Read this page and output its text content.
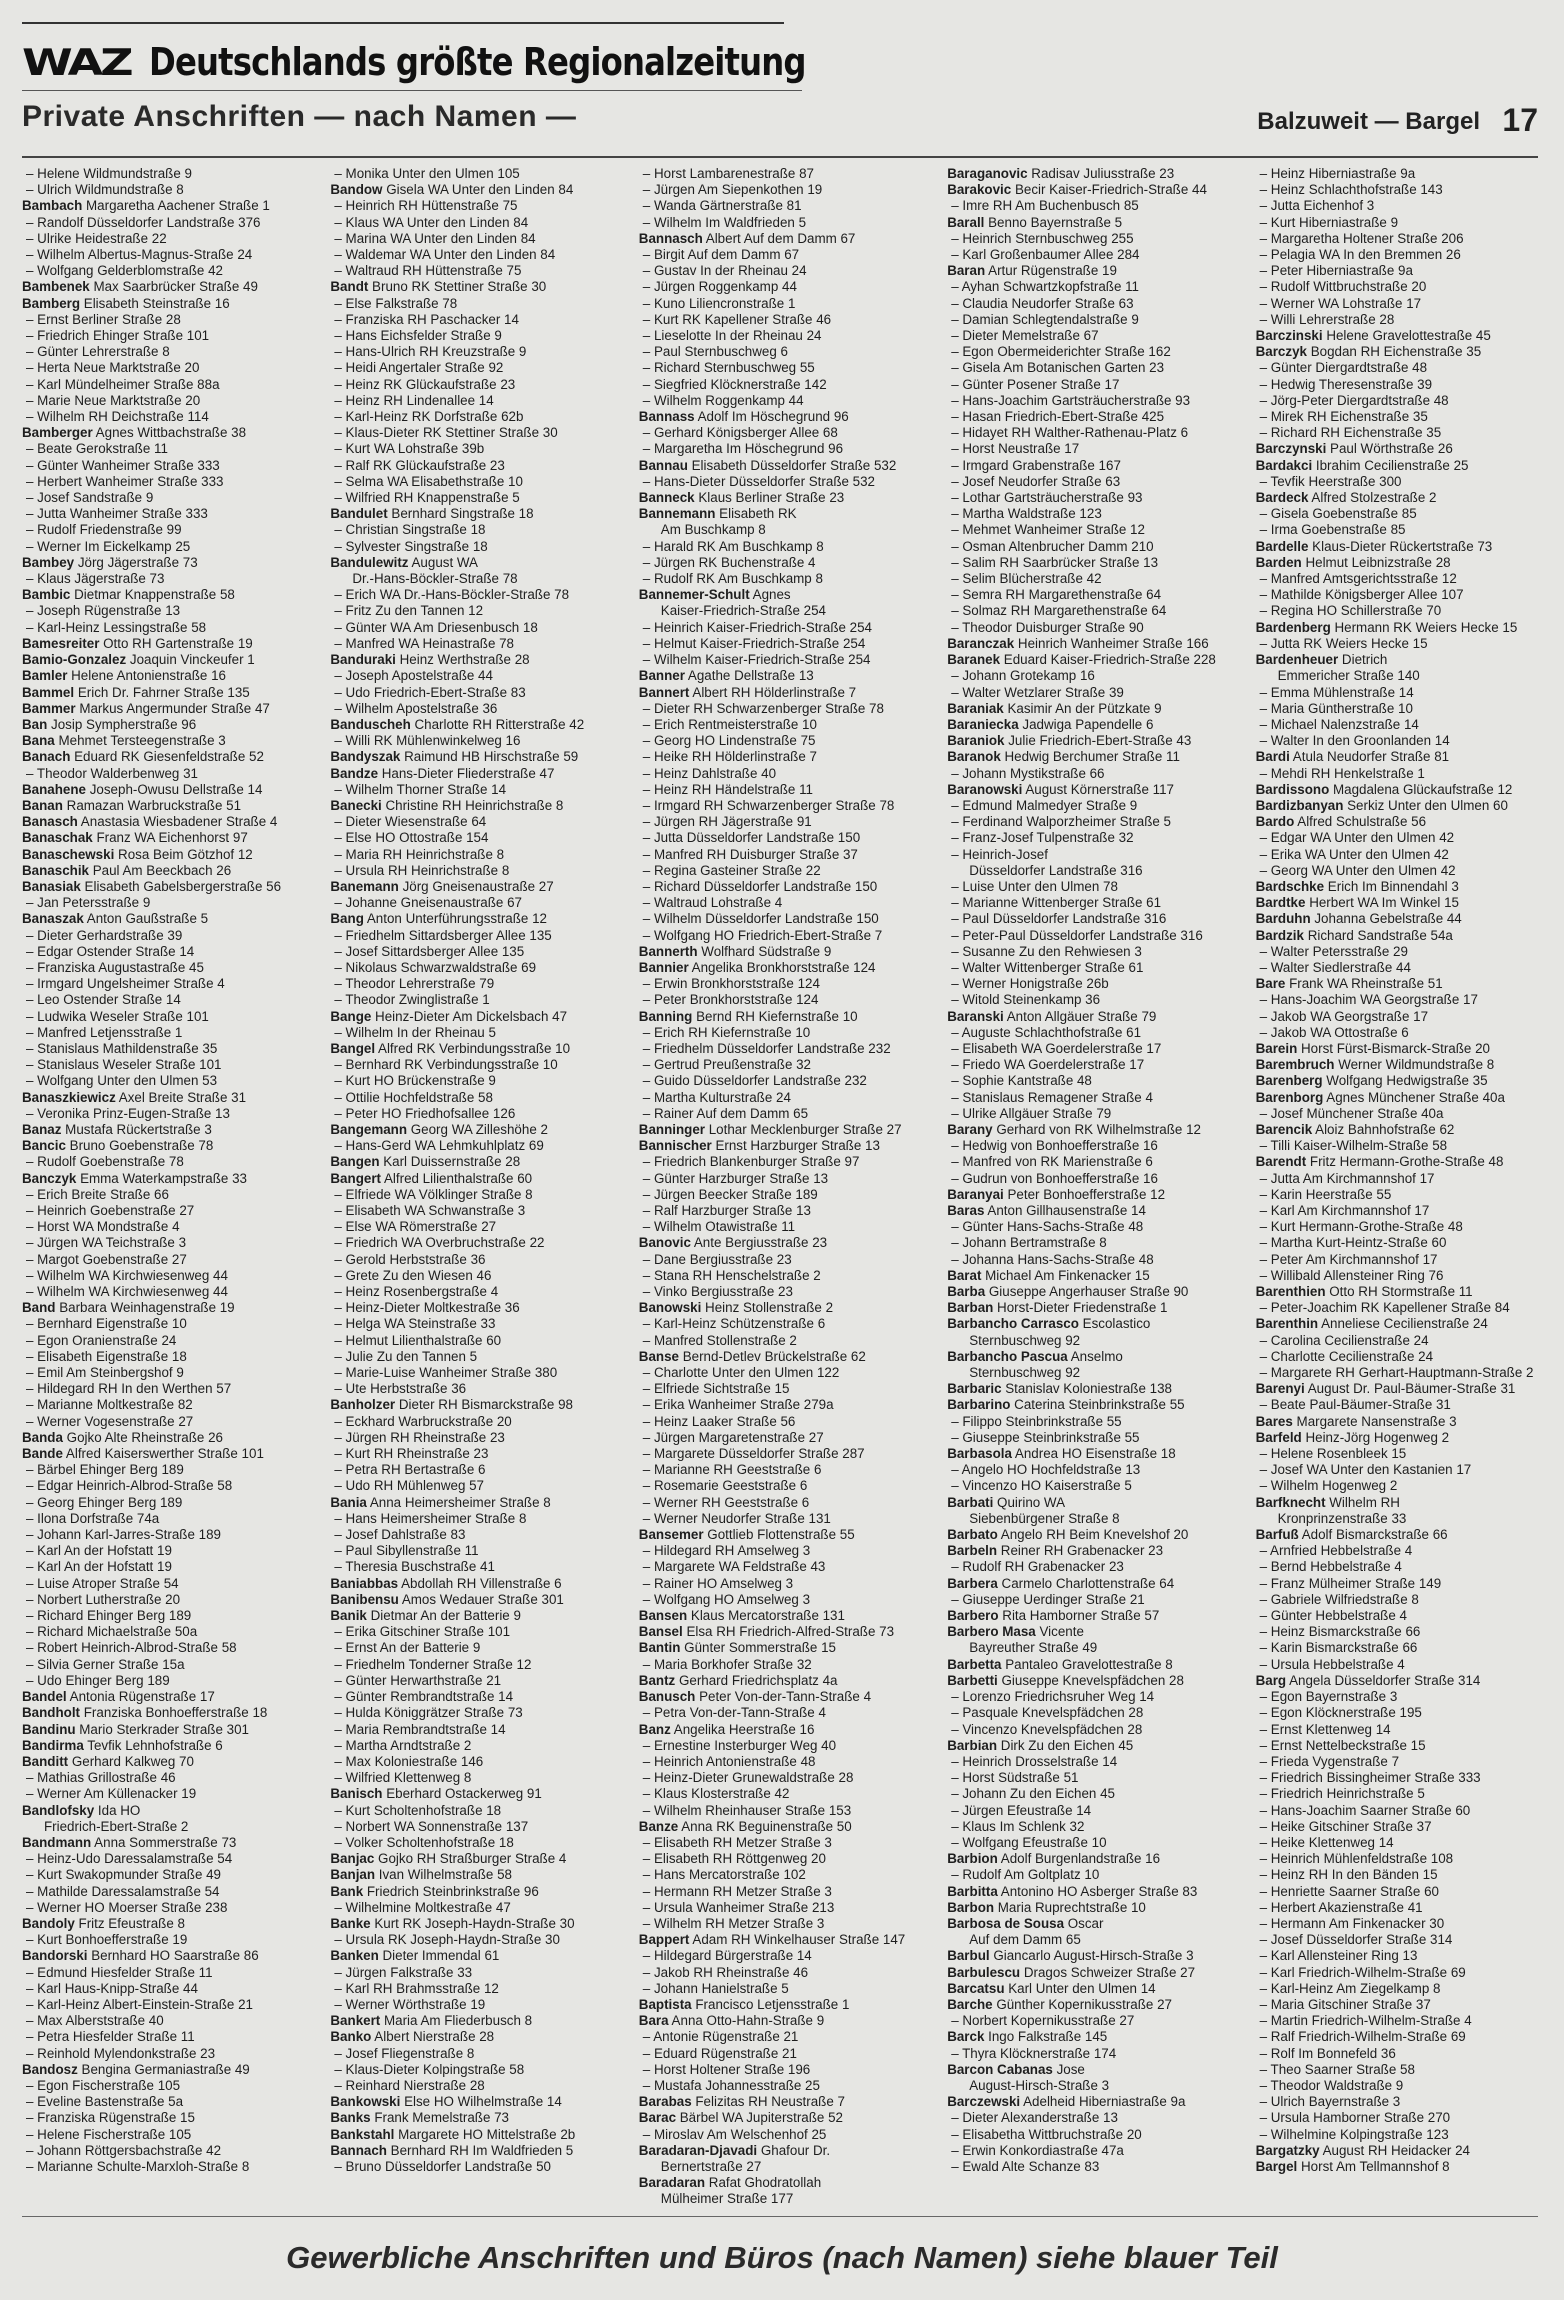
WAZ Deutschlands größte Regionalzeitung
Private Anschriften — nach Namen —	Balzuweit — Bargel 17
– Helene Wildmundstraße 9
– Ulrich Wildmundstraße 8
Bambach Margaretha Aachener Straße 1
– Randolf Düsseldorfer Landstraße 376
– Ulrike Heidestraße 22
– Wilhelm Albertus-Magnus-Straße 24
– Wolfgang Gelderblomstraße 42
Bambenek Max Saarbrücker Straße 49
Bamberg Elisabeth Steinstraße 16
– Ernst Berliner Straße 28
– Friedrich Ehinger Straße 101
– Günter Lehrerstraße 8
– Herta Neue Marktstraße 20
– Karl Mündelheimer Straße 88a
– Marie Neue Marktstraße 20
– Wilhelm RH Deichstraße 114
Bamberger Agnes Wittbachstraße 38
– Beate Gerokstraße 11
– Günter Wanheimer Straße 333
– Herbert Wanheimer Straße 333
– Josef Sandstraße 9
– Jutta Wanheimer Straße 333
– Rudolf Friedenstraße 99
– Werner Im Eickelkamp 25
Bambey Jörg Jägerstraße 73
– Klaus Jägerstraße 73
Bambic Dietmar Knappenstraße 58
– Joseph Rügenstraße 13
– Karl-Heinz Lessingstraße 58
Bamesreiter Otto RH Gartenstraße 19
Bamio-Gonzalez Joaquin Vinckeufer 1
Bamler Helene Antonienstraße 16
Bammel Erich Dr. Fahrner Straße 135
Bammer Markus Angermunder Straße 47
Ban Josip Sympherstraße 96
Bana Mehmet Tersteegenstraße 3
Banach Eduard RK Giesenfeldstraße 52
– Theodor Walderbenweg 31
Banahene Joseph-Owusu Dellstraße 14
Banan Ramazan Warbruckstraße 51
Banasch Anastasia Wiesbadener Straße 4
Banaschak Franz WA Eichenhorst 97
Banaschewski Rosa Beim Götzhof 12
Banaschik Paul Am Beeckbach 26
Banasiak Elisabeth Gabelsbergerstraße 56
– Jan Petersstraße 9
Banaszak Anton Gaußstraße 5
– Dieter Gerhardstraße 39
– Edgar Ostender Straße 14
– Franziska Augustastraße 45
– Irmgard Ungelsheimer Straße 4
– Leo Ostender Straße 14
– Ludwika Weseler Straße 101
– Manfred Letjensstraße 1
– Stanislaus Mathildenstraße 35
– Stanislaus Weseler Straße 101
– Wolfgang Unter den Ulmen 53
Banaszkiewicz Axel Breite Straße 31
– Veronika Prinz-Eugen-Straße 13
Banaz Mustafa Rückertstraße 3
Bancic Bruno Goebenstraße 78
– Rudolf Goebenstraße 78
Banczyk Emma Waterkampstraße 33
– Erich Breite Straße 66
– Heinrich Goebenstraße 27
– Horst WA Mondstraße 4
– Jürgen WA Teichstraße 3
– Margot Goebenstraße 27
– Wilhelm WA Kirchwiesenweg 44
– Wilhelm WA Kirchwiesenweg 44
Band Barbara Weinhagenstraße 19
– Bernhard Eigenstraße 10
– Egon Oranienstraße 24
– Elisabeth Eigenstraße 18
– Emil Am Steinbergshof 9
– Hildegard RH In den Werthen 57
– Marianne Moltkestraße 82
– Werner Vogesenstraße 27
Banda Gojko Alte Rheinstraße 26
Bande Alfred Kaiserswerther Straße 101
– Bärbel Ehinger Berg 189
– Edgar Heinrich-Albrod-Straße 58
– Georg Ehinger Berg 189
– Ilona Dorfstraße 74a
– Johann Karl-Jarres-Straße 189
– Karl An der Hofstatt 19
– Karl An der Hofstatt 19
– Luise Atroper Straße 54
– Norbert Lutherstraße 20
– Richard Ehinger Berg 189
– Richard Michaelstraße 50a
– Robert Heinrich-Albrod-Straße 58
– Silvia Gerner Straße 15a
– Udo Ehinger Berg 189
Bandel Antonia Rügenstraße 17
Bandholt Franziska Bonhoefferstraße 18
Bandinu Mario Sterkrader Straße 301
Bandirma Tevfik Lehnhofstraße 6
Banditt Gerhard Kalkweg 70
– Mathias Grillostraße 46
– Werner Am Küllenacker 19
Bandlofsky Ida HO
Friedrich-Ebert-Straße 2
Bandmann Anna Sommerstraße 73
– Heinz-Udo Daressalamstraße 54
– Kurt Swakopmunder Straße 49
– Mathilde Daressalamstraße 54
– Werner HO Moerser Straße 238
Bandoly Fritz Efeustraße 8
– Kurt Bonhoefferstraße 19
Bandorski Bernhard HO Saarstraße 86
– Edmund Hiesfelder Straße 11
– Karl Haus-Knipp-Straße 44
– Karl-Heinz Albert-Einstein-Straße 21
– Max Alberststraße 40
– Petra Hiesfelder Straße 11
– Reinhold Mylendonkstraße 23
Bandosz Bengina Germaniastraße 49
– Egon Fischerstraße 105
– Eveline Bastenstraße 5a
– Franziska Rügenstraße 15
– Helene Fischerstraße 105
– Johann Röttgersbachstraße 42
– Marianne Schulte-Marxloh-Straße 8
– Monika Unter den Ulmen 105
Bandow Gisela WA Unter den Linden 84
– Heinrich RH Hüttenstraße 75
– Klaus WA Unter den Linden 84
– Marina WA Unter den Linden 84
– Waldemar WA Unter den Linden 84
– Waltraud RH Hüttenstraße 75
Bandt Bruno RK Stettiner Straße 30
– Else Falkstraße 78
– Franziska RH Paschacker 14
– Hans Eichsfelder Straße 9
– Hans-Ulrich RH Kreuzstraße 9
– Heidi Angertaler Straße 92
– Heinz RK Glückaufstraße 23
– Heinz RH Lindenallee 14
– Karl-Heinz RK Dorfstraße 62b
– Klaus-Dieter RK Stettiner Straße 30
– Kurt WA Lohstraße 39b
– Ralf RK Glückaufstraße 23
– Selma WA Elisabethstraße 10
– Wilfried RH Knappenstraße 5
Bandulet Bernhard Singstraße 18
– Christian Singstraße 18
– Sylvester Singstraße 18
Bandulewitz August WA
Dr.-Hans-Böckler-Straße 78
– Erich WA Dr.-Hans-Böckler-Straße 78
– Fritz Zu den Tannen 12
– Günter WA Am Driesenbusch 18
– Manfred WA Heinastraße 78
Banduraki Heinz Werthstraße 28
– Joseph Apostelstraße 44
– Udo Friedrich-Ebert-Straße 83
– Wilhelm Apostelstraße 36
Banduscheh Charlotte RH Ritterstraße 42
– Willi RK Mühlenwinkelweg 16
Bandyszak Raimund HB Hirschstraße 59
Bandze Hans-Dieter Fliederstraße 47
– Wilhelm Thorner Straße 14
Banecki Christine RH Heinrichstraße 8
– Dieter Wiesenstraße 64
– Else HO Ottostraße 154
– Maria RH Heinrichstraße 8
– Ursula RH Heinrichstraße 8
Banemann Jörg Gneisenaustraße 27
– Johanne Gneisenaustraße 67
Bang Anton Unterführungsstraße 12
– Friedhelm Sittardsberger Allee 135
– Josef Sittardsberger Allee 135
– Nikolaus Schwarzwaldstraße 69
– Theodor Lehrerstraße 79
– Theodor Zwinglistraße 1
Bange Heinz-Dieter Am Dickelsbach 47
– Wilhelm In der Rheinau 5
Bangel Alfred RK Verbindungsstraße 10
– Bernhard RK Verbindungsstraße 10
– Kurt HO Brückenstraße 9
– Ottilie Hochfeldstraße 58
– Peter HO Friedhofsallee 126
Bangemann Georg WA Zilleshöhe 2
– Hans-Gerd WA Lehmkuhlplatz 69
Bangen Karl Duissernstraße 28
Bangert Alfred Lilienthalstraße 60
– Elfriede WA Völklinger Straße 8
– Elisabeth WA Schwanstraße 3
– Else WA Römerstraße 27
– Friedrich WA Overbruchstraße 22
– Gerold Herbststraße 36
– Grete Zu den Wiesen 46
– Heinz Rosenbergstraße 4
– Heinz-Dieter Moltkestraße 36
– Helga WA Steinstraße 33
– Helmut Lilienthalstraße 60
– Julie Zu den Tannen 5
– Marie-Luise Wanheimer Straße 380
– Ute Herbststraße 36
Banholzer Dieter RH Bismarckstraße 98
– Eckhard Warbruckstraße 20
– Jürgen RH Rheinstraße 23
– Kurt RH Rheinstraße 23
– Petra RH Bertastraße 6
– Udo RH Mühlenweg 57
Bania Anna Heimersheimer Straße 8
– Hans Heimersheimer Straße 8
– Josef Dahlstraße 83
– Paul Sibyllenstraße 11
– Theresia Buschstraße 41
Baniabbas Abdollah RH Villenstraße 6
Banibensu Amos Wedauer Straße 301
Banik Dietmar An der Batterie 9
– Erika Gitschiner Straße 101
– Ernst An der Batterie 9
– Friedhelm Tonderner Straße 12
– Günter Herwarthstraße 21
– Günter Rembrandtstraße 14
– Hulda Königgrätzer Straße 73
– Maria Rembrandtstraße 14
– Martha Arndtstraße 2
– Max Koloniestraße 146
– Wilfried Klettenweg 8
Banisch Eberhard Ostackerweg 91
– Kurt Scholtenhofstraße 18
– Norbert WA Sonnenstraße 137
– Volker Scholtenhofstraße 18
Banjac Gojko RH Straßburger Straße 4
Banjan Ivan Wilhelmstraße 58
Bank Friedrich Steinbrinkstraße 96
– Wilhelmine Moltkestraße 47
Banke Kurt RK Joseph-Haydn-Straße 30
– Ursula RK Joseph-Haydn-Straße 30
Banken Dieter Immendal 61
– Jürgen Falkstraße 33
– Karl RH Brahmsstraße 12
– Werner Wörthstraße 19
Bankert Maria Am Fliederbusch 8
Banko Albert Nierstraße 28
– Josef Fliegenstraße 8
– Klaus-Dieter Kolpingstraße 58
– Reinhard Nierstraße 28
Bankowski Else HO Wilhelmstraße 14
Banks Frank Memelstraße 73
Bankstahl Margarete HO Mittelstraße 2b
Bannach Bernhard RH Im Waldfrieden 5
– Bruno Düsseldorfer Landstraße 50
– Horst Lambarenestraße 87
– Jürgen Am Siepenkothen 19
– Wanda Gärtnerstraße 81
– Wilhelm Im Waldfrieden 5
Bannasch Albert Auf dem Damm 67
– Birgit Auf dem Damm 67
– Gustav In der Rheinau 24
– Jürgen Roggenkamp 44
– Kuno Liliencronstraße 1
– Kurt RK Kapellener Straße 46
– Lieselotte In der Rheinau 24
– Paul Sternbuschweg 6
– Richard Sternbuschweg 55
– Siegfried Klöcknerstraße 142
– Wilhelm Roggenkamp 44
Bannass Adolf Im Höschegrund 96
– Gerhard Königsberger Allee 68
– Margaretha Im Höschegrund 96
Bannau Elisabeth Düsseldorfer Straße 532
– Hans-Dieter Düsseldorfer Straße 532
Banneck Klaus Berliner Straße 23
Bannemann Elisabeth RK
Am Buschkamp 8
– Harald RK Am Buschkamp 8
– Jürgen RK Buchenstraße 4
– Rudolf RK Am Buschkamp 8
Bannemer-Schult Agnes
Kaiser-Friedrich-Straße 254
– Heinrich Kaiser-Friedrich-Straße 254
– Helmut Kaiser-Friedrich-Straße 254
– Wilhelm Kaiser-Friedrich-Straße 254
Banner Agathe Dellstraße 13
Bannert Albert RH Hölderlinstraße 7
– Dieter RH Schwarzenberger Straße 78
– Erich Rentmeisterstraße 10
– Georg HO Lindenstraße 75
– Heike RH Hölderlinstraße 7
– Heinz Dahlstraße 40
– Heinz RH Händelstraße 11
– Irmgard RH Schwarzenberger Straße 78
– Jürgen RH Jägerstraße 91
– Jutta Düsseldorfer Landstraße 150
– Manfred RH Duisburger Straße 37
– Regina Gasteiner Straße 22
– Richard Düsseldorfer Landstraße 150
– Waltraud Lohstraße 4
– Wilhelm Düsseldorfer Landstraße 150
– Wolfgang HO Friedrich-Ebert-Straße 7
Bannerth Wolfhard Südstraße 9
Bannier Angelika Bronkhorststraße 124
– Erwin Bronkhorststraße 124
– Peter Bronkhorststraße 124
Banning Bernd RH Kiefernstraße 10
– Erich RH Kiefernstraße 10
– Friedhelm Düsseldorfer Landstraße 232
– Gertrud Preußenstraße 32
– Guido Düsseldorfer Landstraße 232
– Martha Kulturstraße 24
– Rainer Auf dem Damm 65
Banninger Lothar Mecklenburger Straße 27
Bannischer Ernst Harzburger Straße 13
– Friedrich Blankenburger Straße 97
– Günter Harzburger Straße 13
– Jürgen Beecker Straße 189
– Ralf Harzburger Straße 13
– Wilhelm Otawistraße 11
Banovic Ante Bergiusstraße 23
– Dane Bergiusstraße 23
– Stana RH Henschelstraße 2
– Vinko Bergiusstraße 23
Banowski Heinz Stollenstraße 2
– Karl-Heinz Schützenstraße 6
– Manfred Stollenstraße 2
Banse Bernd-Detlev Brückelstraße 62
– Charlotte Unter den Ulmen 122
– Elfriede Sichtstraße 15
– Erika Wanheimer Straße 279a
– Heinz Laaker Straße 56
– Jürgen Margaretenstraße 27
– Margarete Düsseldorfer Straße 287
– Marianne RH Geeststraße 6
– Rosemarie Geeststraße 6
– Werner RH Geeststraße 6
– Werner Neudorfer Straße 131
Bansemer Gottlieb Flottenstraße 55
– Hildegard RH Amselweg 3
– Margarete WA Feldstraße 43
– Rainer HO Amselweg 3
– Wolfgang HO Amselweg 3
Bansen Klaus Mercatorstraße 131
Bansel Elsa RH Friedrich-Alfred-Straße 73
Bantin Günter Sommerstraße 15
– Maria Borkhofer Straße 32
Bantz Gerhard Friedrichsplatz 4a
Banusch Peter Von-der-Tann-Straße 4
– Petra Von-der-Tann-Straße 4
Banz Angelika Heerstraße 16
– Ernestine Insterburger Weg 40
– Heinrich Antonienstraße 48
– Heinz-Dieter Grunewaldstraße 28
– Klaus Klosterstraße 42
– Wilhelm Rheinhauser Straße 153
Banze Anna RK Beguinenstraße 50
– Elisabeth RH Metzer Straße 3
– Elisabeth RH Röttgenweg 20
– Hans Mercatorstraße 102
– Hermann RH Metzer Straße 3
– Ursula Wanheimer Straße 213
– Wilhelm RH Metzer Straße 3
Bappert Adam RH Winkelhauser Straße 147
– Hildegard Bürgerstraße 14
– Jakob RH Rheinstraße 46
– Johann Hanielstraße 5
Baptista Francisco Letjensstraße 1
Bara Anna Otto-Hahn-Straße 9
– Antonie Rügenstraße 21
– Eduard Rügenstraße 21
– Horst Holtener Straße 196
– Mustafa Johannesstraße 25
Barabas Felizitas RH Neustraße 7
Barac Bärbel WA Jupiterstraße 52
– Miroslav Am Welschenhof 25
Baradaran-Djavadi Ghafour Dr.
Bernertstraße 27
Baradaran Rafat Ghodratollah
Mülheimer Straße 177
Baraganovic Radisav Juliusstraße 23
Barakovic Becir Kaiser-Friedrich-Straße 44
– Imre RH Am Buchenbusch 85
Barall Benno Bayernstraße 5
– Heinrich Sternbuschweg 255
– Karl Großenbaumer Allee 284
Baran Artur Rügenstraße 19
– Ayhan Schwartzkopfstraße 11
– Claudia Neudorfer Straße 63
– Damian Schlegtendalstraße 9
– Dieter Memelstraße 67
– Egon Obermeiderichter Straße 162
– Gisela Am Botanischen Garten 23
– Günter Posener Straße 17
– Hans-Joachim Gartsträucherstraße 93
– Hasan Friedrich-Ebert-Straße 425
– Hidayet RH Walther-Rathenau-Platz 6
– Horst Neustraße 17
– Irmgard Grabenstraße 167
– Josef Neudorfer Straße 63
– Lothar Gartsträucherstraße 93
– Martha Waldstraße 123
– Mehmet Wanheimer Straße 12
– Osman Altenbrucher Damm 210
– Salim RH Saarbrücker Straße 13
– Selim Blücherstraße 42
– Semra RH Margarethenstraße 64
– Solmaz RH Margarethenstraße 64
– Theodor Duisburger Straße 90
Baranczak Heinrich Wanheimer Straße 166
Baranek Eduard Kaiser-Friedrich-Straße 228
– Johann Grotekamp 16
– Walter Wetzlarer Straße 39
Baraniak Kasimir An der Pützkate 9
Baraniecka Jadwiga Papendelle 6
Baraniok Julie Friedrich-Ebert-Straße 43
Baranok Hedwig Berchumer Straße 11
– Johann Mystikstraße 66
Baranowski August Körnerstraße 117
– Edmund Malmedyer Straße 9
– Ferdinand Walporzheimer Straße 5
– Franz-Josef Tulpenstraße 32
– Heinrich-Josef
Düsseldorfer Landstraße 316
– Luise Unter den Ulmen 78
– Marianne Wittenberger Straße 61
– Paul Düsseldorfer Landstraße 316
– Peter-Paul Düsseldorfer Landstraße 316
– Susanne Zu den Rehwiesen 3
– Walter Wittenberger Straße 61
– Werner Honigstraße 26b
– Witold Steinenkamp 36
Baranski Anton Allgäuer Straße 79
– Auguste Schlachthofstraße 61
– Elisabeth WA Goerdelerstraße 17
– Friedo WA Goerdelerstraße 17
– Sophie Kantstraße 48
– Stanislaus Remagener Straße 4
– Ulrike Allgäuer Straße 79
Barany Gerhard von RK Wilhelmstraße 12
– Hedwig von Bonhoefferstraße 16
– Manfred von RK Marienstraße 6
– Gudrun von Bonhoefferstraße 16
Baranyai Peter Bonhoefferstraße 12
Baras Anton Gillhausenstraße 14
– Günter Hans-Sachs-Straße 48
– Johann Bertramstraße 8
– Johanna Hans-Sachs-Straße 48
Barat Michael Am Finkenacker 15
Barba Giuseppe Angerhauser Straße 90
Barban Horst-Dieter Friedenstraße 1
Barbancho Carrasco Escolastico
Sternbuschweg 92
Barbancho Pascua Anselmo
Sternbuschweg 92
Barbaric Stanislav Koloniestraße 138
Barbarino Caterina Steinbrinkstraße 55
– Filippo Steinbrinkstraße 55
– Giuseppe Steinbrinkstraße 55
Barbasola Andrea HO Eisenstraße 18
– Angelo HO Hochfeldstraße 13
– Vincenzo HO Kaiserstraße 5
Barbati Quirino WA
Siebenbürgener Straße 8
Barbato Angelo RH Beim Knevelshof 20
Barbeln Reiner RH Grabenacker 23
– Rudolf RH Grabenacker 23
Barbera Carmelo Charlottenstraße 64
– Giuseppe Uerdinger Straße 21
Barbero Rita Hamborner Straße 57
Barbero Masa Vicente
Bayreuther Straße 49
Barbetta Pantaleo Gravelottestraße 8
Barbetti Giuseppe Knevelspfädchen 28
– Lorenzo Friedrichsruher Weg 14
– Pasquale Knevelspfädchen 28
– Vincenzo Knevelspfädchen 28
Barbian Dirk Zu den Eichen 45
– Heinrich Drosselstraße 14
– Horst Südstraße 51
– Johann Zu den Eichen 45
– Jürgen Efeustraße 14
– Klaus Im Schlenk 32
– Wolfgang Efeustraße 10
Barbion Adolf Burgenlandstraße 16
– Rudolf Am Goltplatz 10
Barbitta Antonino HO Asberger Straße 83
Barbon Maria Ruprechtstraße 10
Barbosa de Sousa Oscar
Auf dem Damm 65
Barbul Giancarlo August-Hirsch-Straße 3
Barbulescu Dragos Schweizer Straße 27
Barcatsu Karl Unter den Ulmen 14
Barche Günther Kopernikusstraße 27
– Norbert Kopernikusstraße 27
Barck Ingo Falkstraße 145
– Thyra Klöcknerstraße 174
Barcon Cabanas Jose
August-Hirsch-Straße 3
Barczewski Adelheid Hiberniastraße 9a
– Dieter Alexanderstraße 13
– Elisabetha Wittbruchstraße 20
– Erwin Konkordiastraße 47a
– Ewald Alte Schanze 83
– Heinz Hiberniastraße 9a
– Heinz Schlachthofstraße 143
– Jutta Eichenhof 3
– Kurt Hiberniastraße 9
– Margaretha Holtener Straße 206
– Pelagia WA In den Bremmen 26
– Peter Hiberniastraße 9a
– Rudolf Wittbruchstraße 20
– Werner WA Lohstraße 17
– Willi Lehrerstraße 28
Barczinski Helene Gravelottestraße 45
Barczyk Bogdan RH Eichenstraße 35
– Günter Diergardtstraße 48
– Hedwig Theresenstraße 39
– Jörg-Peter Diergardtstraße 48
– Mirek RH Eichenstraße 35
– Richard RH Eichenstraße 35
Barczynski Paul Wörthstraße 26
Bardakci Ibrahim Cecilienstraße 25
– Tevfik Heerstraße 300
Bardeck Alfred Stolzestraße 2
– Gisela Goebenstraße 85
– Irma Goebenstraße 85
Bardelle Klaus-Dieter Rückertstraße 73
Barden Helmut Leibnizstraße 28
– Manfred Amtsgerichtsstraße 12
– Mathilde Königsberger Allee 107
– Regina HO Schillerstraße 70
Bardenberg Hermann RK Weiers Hecke 15
– Jutta RK Weiers Hecke 15
Bardenheuer Dietrich
Emmericher Straße 140
– Emma Mühlenstraße 14
– Maria Güntherstraße 10
– Michael Nalenzstraße 14
– Walter In den Groonlanden 14
Bardi Atula Neudorfer Straße 81
– Mehdi RH Henkelstraße 1
Bardissono Magdalena Glückaufstraße 12
Bardizbanyan Serkiz Unter den Ulmen 60
Bardo Alfred Schulstraße 56
– Edgar WA Unter den Ulmen 42
– Erika WA Unter den Ulmen 42
– Georg WA Unter den Ulmen 42
Bardschke Erich Im Binnendahl 3
Bardtke Herbert WA Im Winkel 15
Barduhn Johanna Gebelstraße 44
Bardzik Richard Sandstraße 54a
– Walter Petersstraße 29
– Walter Siedlerstraße 44
Bare Frank WA Rheinstraße 51
– Hans-Joachim WA Georgstraße 17
– Jakob WA Georgstraße 17
– Jakob WA Ottostraße 6
Barein Horst Fürst-Bismarck-Straße 20
Barembruch Werner Wildmundstraße 8
Barenberg Wolfgang Hedwigstraße 35
Barenborg Agnes Münchener Straße 40a
– Josef Münchener Straße 40a
Barencik Aloiz Bahnhofstraße 62
– Tilli Kaiser-Wilhelm-Straße 58
Barendt Fritz Hermann-Grothe-Straße 48
– Jutta Am Kirchmannshof 17
– Karin Heerstraße 55
– Karl Am Kirchmannshof 17
– Kurt Hermann-Grothe-Straße 48
– Martha Kurt-Heintz-Straße 60
– Peter Am Kirchmannshof 17
– Willibald Allensteiner Ring 76
Barenthien Otto RH Stormstraße 11
– Peter-Joachim RK Kapellener Straße 84
Barenthin Anneliese Cecilienstraße 24
– Carolina Cecilienstraße 24
– Charlotte Cecilienstraße 24
– Margarete RH Gerhart-Hauptmann-Straße 2
Barenyi August Dr. Paul-Bäumer-Straße 31
– Beate Paul-Bäumer-Straße 31
Bares Margarete Nansenstraße 3
Barfeld Heinz-Jörg Hogenweg 2
– Helene Rosenbleek 15
– Josef WA Unter den Kastanien 17
– Wilhelm Hogenweg 2
Barfknecht Wilhelm RH
Kronprinzenstraße 33
Barfuß Adolf Bismarckstraße 66
– Arnfried Hebbelstraße 4
– Bernd Hebbelstraße 4
– Franz Mülheimer Straße 149
– Gabriele Wilfriedstraße 8
– Günter Hebbelstraße 4
– Heinz Bismarckstraße 66
– Karin Bismarckstraße 66
– Ursula Hebbelstraße 4
Barg Angela Düsseldorfer Straße 314
– Egon Bayernstraße 3
– Egon Klöcknerstraße 195
– Ernst Klettenweg 14
– Ernst Nettelbeckstraße 15
– Frieda Vygenstraße 7
– Friedrich Bissingheimer Straße 333
– Friedrich Heinrichstraße 5
– Hans-Joachim Saarner Straße 60
– Heike Gitschiner Straße 37
– Heike Klettenweg 14
– Heinrich Mühlenfeldstraße 108
– Heinz RH In den Bänden 15
– Henriette Saarner Straße 60
– Herbert Akazienstraße 41
– Hermann Am Finkenacker 30
– Josef Düsseldorfer Straße 314
– Karl Allensteiner Ring 13
– Karl Friedrich-Wilhelm-Straße 69
– Karl-Heinz Am Ziegelkamp 8
– Maria Gitschiner Straße 37
– Martin Friedrich-Wilhelm-Straße 4
– Ralf Friedrich-Wilhelm-Straße 69
– Rolf Im Bonnefeld 36
– Theo Saarner Straße 58
– Theodor Waldstraße 9
– Ulrich Bayernstraße 3
– Ursula Hamborner Straße 270
– Wilhelmine Kolpingstraße 123
Bargatzky August RH Heidacker 24
Bargel Horst Am Tellmannshof 8
Gewerbliche Anschriften und Büros (nach Namen) siehe blauer Teil
